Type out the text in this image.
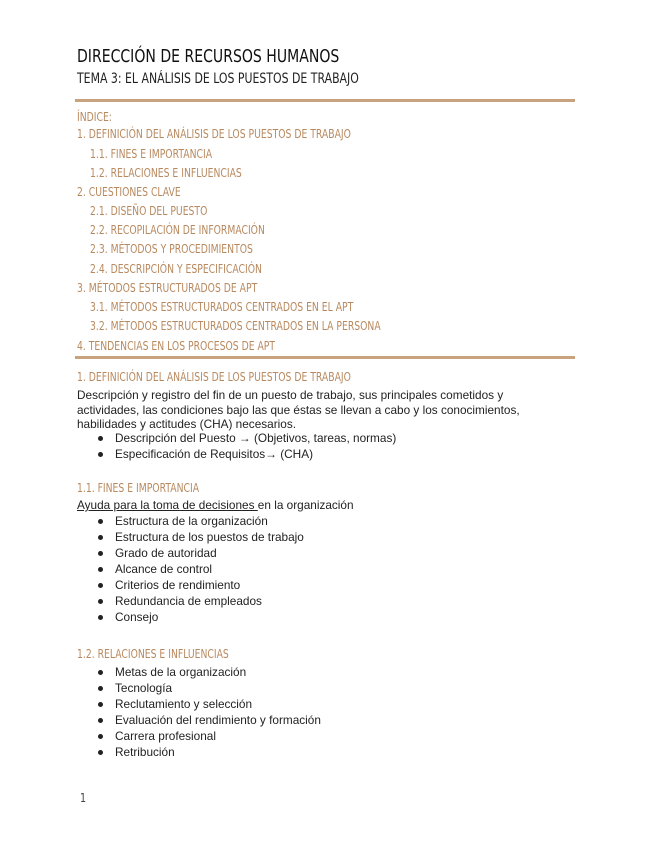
DIRECCIÓN DE RECURSOS HUMANOS
TEMA 3: EL ANÁLISIS DE LOS PUESTOS DE TRABAJO
ÍNDICE:
1. DEFINICIÓN DEL ANÁLISIS DE LOS PUESTOS DE TRABAJO
1.1. FINES E IMPORTANCIA
1.2. RELACIONES E INFLUENCIAS
2. CUESTIONES CLAVE
2.1. DISEÑO DEL PUESTO
2.2. RECOPILACIÓN DE INFORMACIÓN
2.3. MÉTODOS Y PROCEDIMIENTOS
2.4. DESCRIPCIÓN Y ESPECIFICACIÓN
3. MÉTODOS ESTRUCTURADOS DE APT
3.1. MÉTODOS ESTRUCTURADOS CENTRADOS EN EL APT
3.2. MÉTODOS ESTRUCTURADOS CENTRADOS EN LA PERSONA
4. TENDENCIAS EN LOS PROCESOS DE APT
1. DEFINICIÓN DEL ANÁLISIS DE LOS PUESTOS DE TRABAJO
Descripción y registro del fin de un puesto de trabajo, sus principales cometidos y actividades, las condiciones bajo las que éstas se llevan a cabo y los conocimientos, habilidades y actitudes (CHA) necesarios.
Descripción del Puesto → (Objetivos, tareas, normas)
Especificación de Requisitos→ (CHA)
1.1. FINES E IMPORTANCIA
Ayuda para la toma de decisiones en la organización
Estructura de la organización
Estructura de los puestos de trabajo
Grado de autoridad
Alcance de control
Criterios de rendimiento
Redundancia de empleados
Consejo
1.2. RELACIONES E INFLUENCIAS
Metas de la organización
Tecnología
Reclutamiento y selección
Evaluación del rendimiento y formación
Carrera profesional
Retribución
1
